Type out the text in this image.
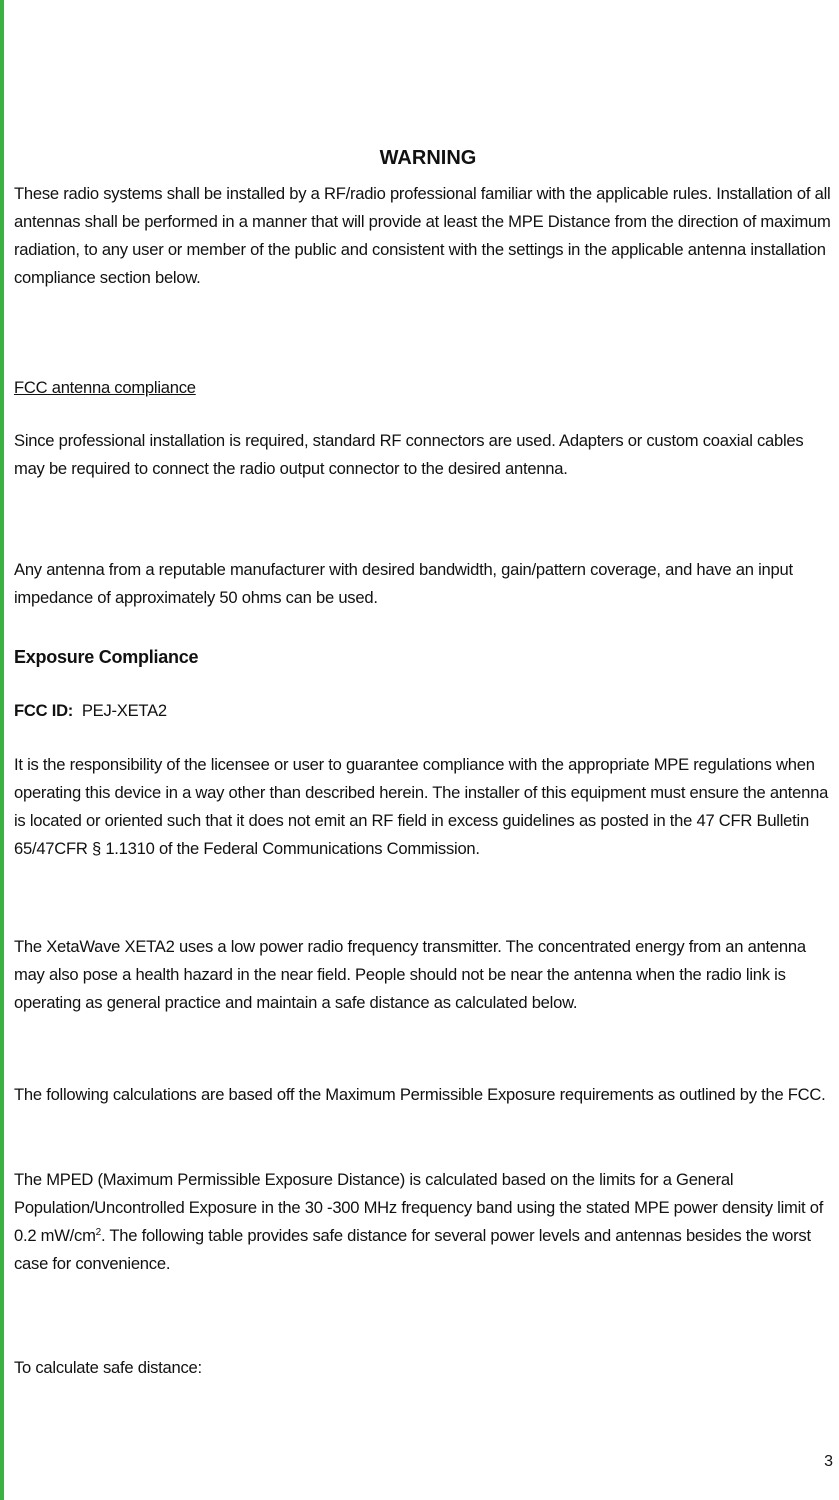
WARNING

These radio systems shall be installed by a RF/radio professional familiar with the applicable rules. Installation of all antennas shall be performed in a manner that will provide at least the MPE Distance from the direction of maximum radiation, to any user or member of the public and consistent with the settings in the applicable antenna installation compliance section below.

FCC antenna compliance

Since professional installation is required, standard RF connectors are used. Adapters or custom coaxial cables may be required to connect the radio output connector to the desired antenna.

Any antenna from a reputable manufacturer with desired bandwidth, gain/pattern coverage, and have an input impedance of approximately 50 ohms can be used.

Exposure Compliance

FCC ID: PEJ-XETA2

It is the responsibility of the licensee or user to guarantee compliance with the appropriate MPE regulations when operating this device in a way other than described herein. The installer of this equipment must ensure the antenna is located or oriented such that it does not emit an RF field in excess guidelines as posted in the 47 CFR Bulletin 65/47CFR § 1.1310 of the Federal Communications Commission.

The XetaWave XETA2 uses a low power radio frequency transmitter. The concentrated energy from an antenna may also pose a health hazard in the near field. People should not be near the antenna when the radio link is operating as general practice and maintain a safe distance as calculated below.

The following calculations are based off the Maximum Permissible Exposure requirements as outlined by the FCC.

The MPED (Maximum Permissible Exposure Distance) is calculated based on the limits for a General Population/Uncontrolled Exposure in the 30 -300 MHz frequency band using the stated MPE power density limit of 0.2 $mW/cm^2$. The following table provides safe distance for several power levels and antennas besides the worst case for convenience.

To calculate safe distance:

3
